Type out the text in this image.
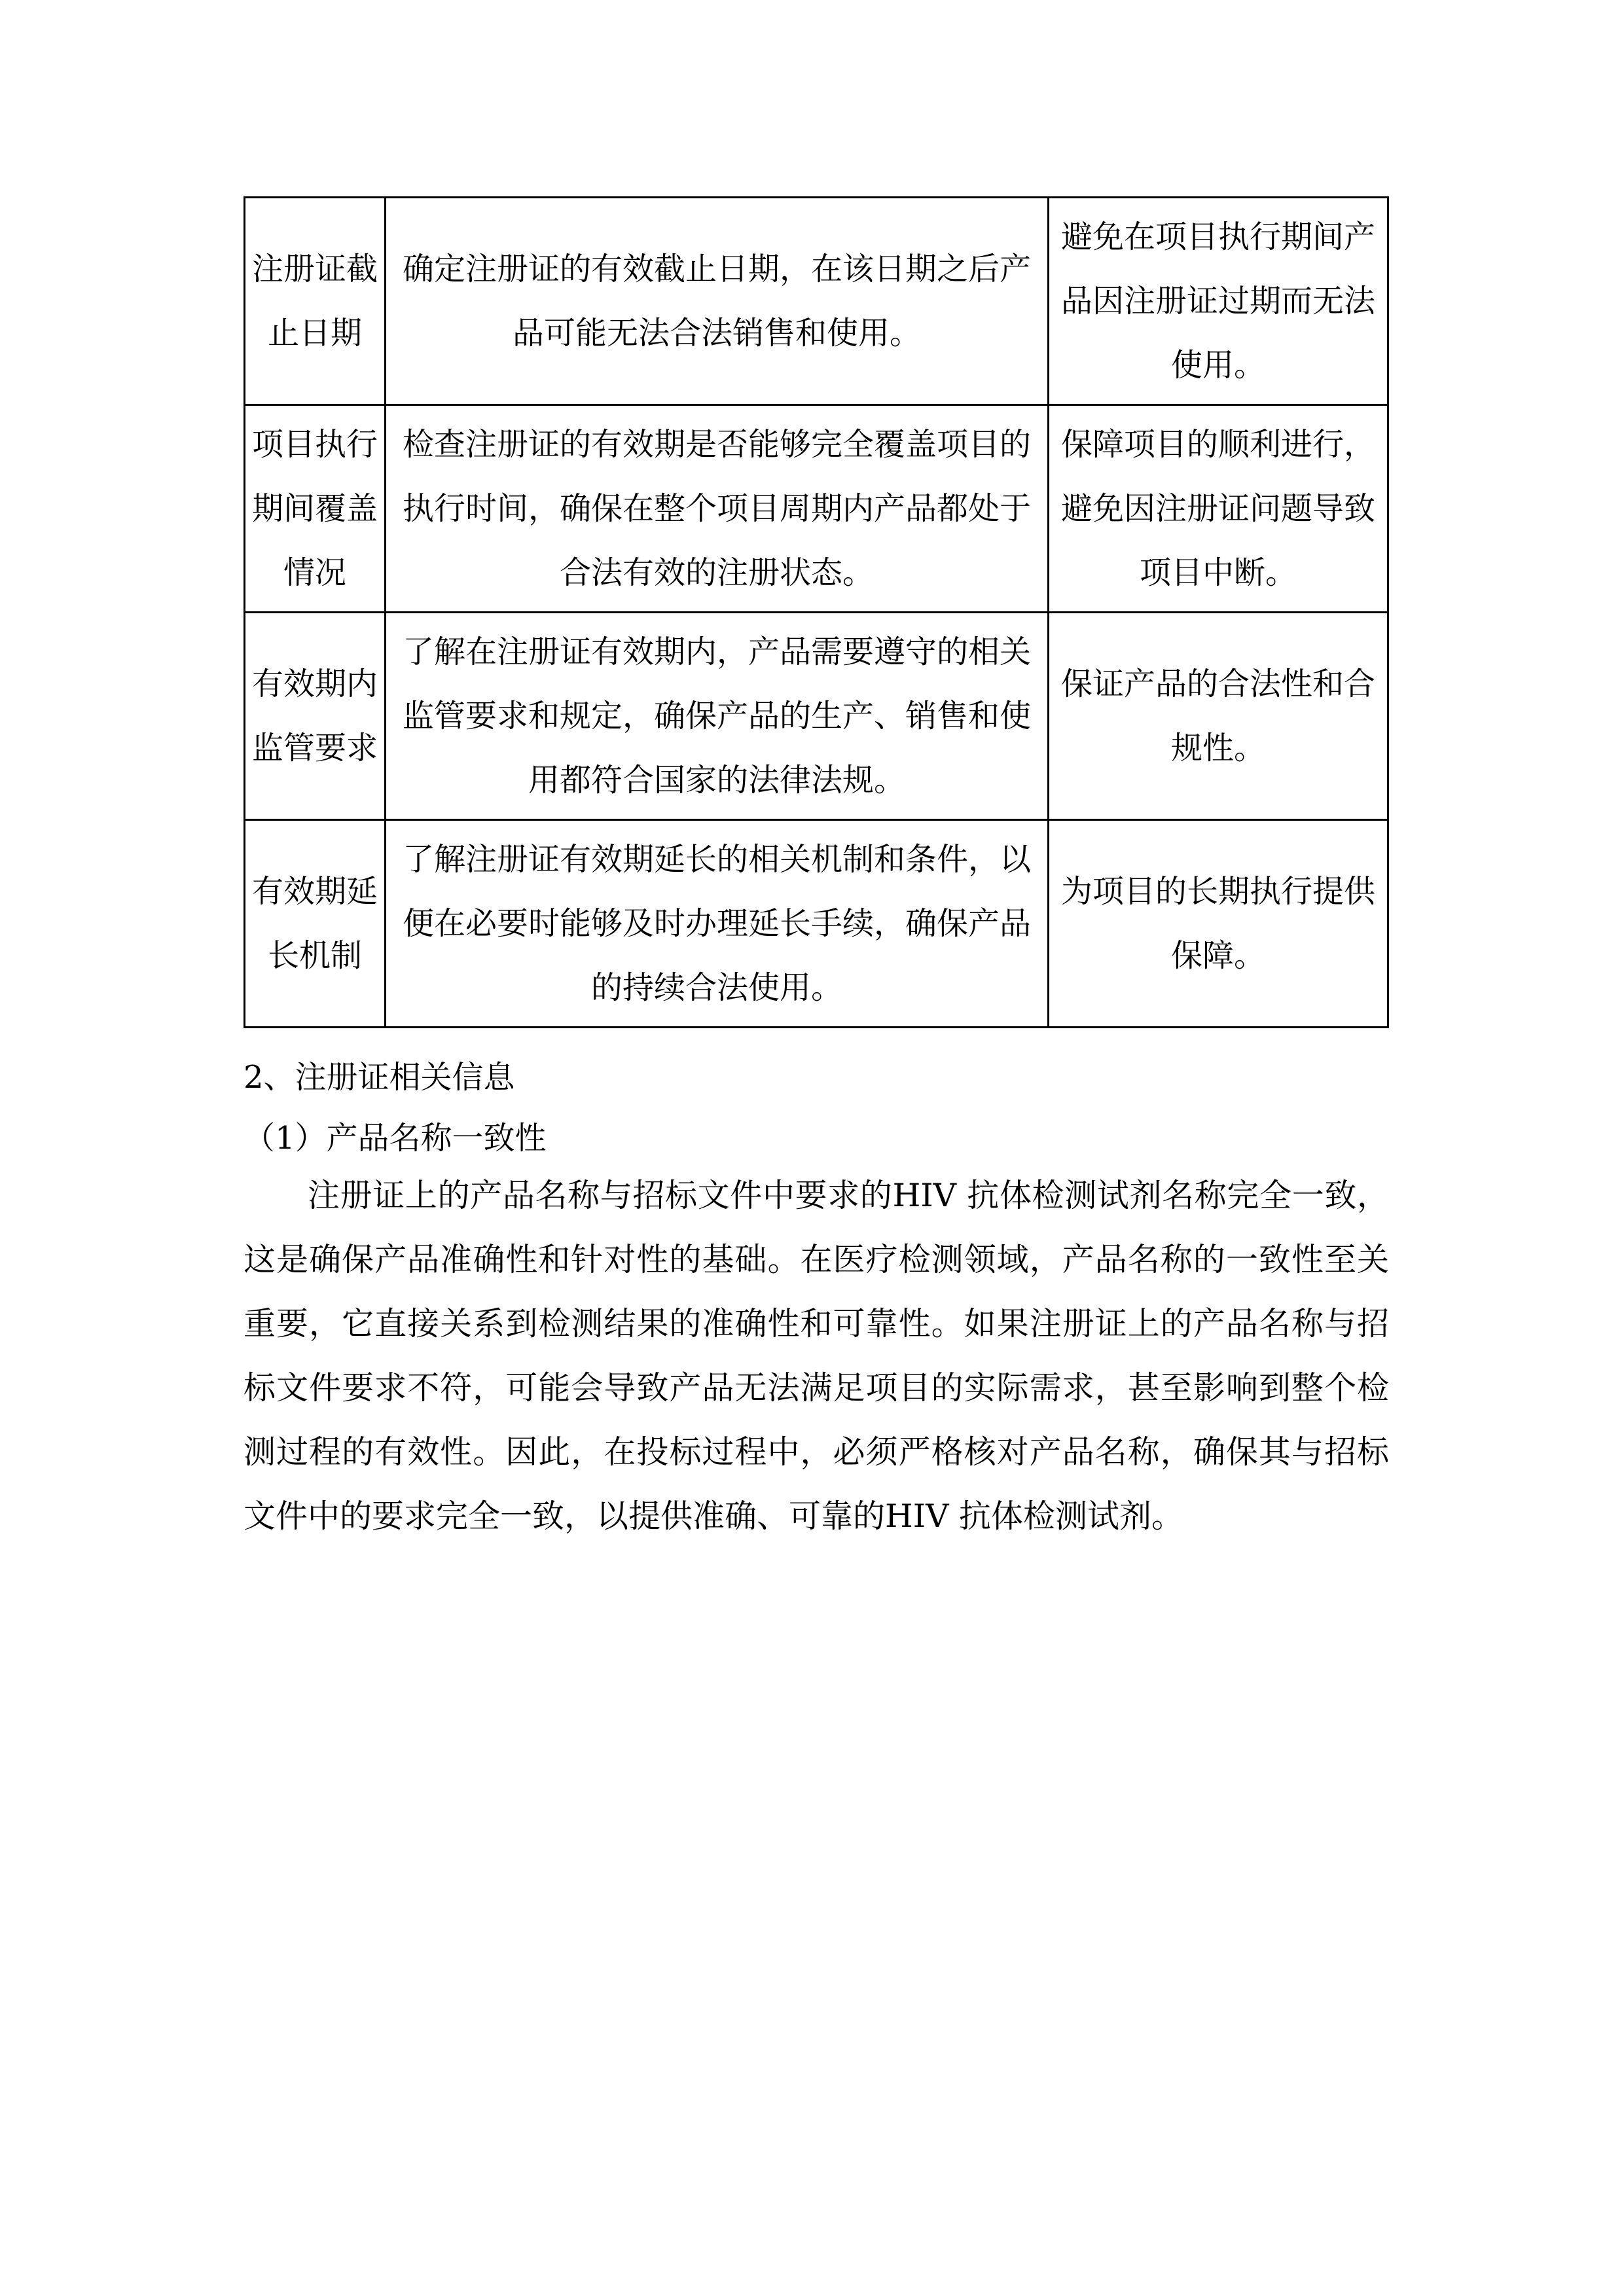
注册证截止日期	确定注册证的有效截止日期，在该日期之后产品可能无法合法销售和使用。	避免在项目执行期间产品因注册证过期而无法使用。
项目执行期间覆盖情况	检查注册证的有效期是否能够完全覆盖项目的执行时间，确保在整个项目周期内产品都处于合法有效的注册状态。	保障项目的顺利进行，避免因注册证问题导致项目中断。
有效期内监管要求	了解在注册证有效期内，产品需要遵守的相关监管要求和规定，确保产品的生产、销售和使用都符合国家的法律法规。	保证产品的合法性和合规性。
有效期延长机制	了解注册证有效期延长的相关机制和条件，以便在必要时能够及时办理延长手续，确保产品的持续合法使用。	为项目的长期执行提供保障。
2、注册证相关信息
（1）产品名称一致性
注册证上的产品名称与招标文件中要求的HIV 抗体检测试剂名称完全一致，这是确保产品准确性和针对性的基础。在医疗检测领域，产品名称的一致性至关重要，它直接关系到检测结果的准确性和可靠性。如果注册证上的产品名称与招标文件要求不符，可能会导致产品无法满足项目的实际需求，甚至影响到整个检测过程的有效性。因此，在投标过程中，必须严格核对产品名称，确保其与招标文件中的要求完全一致，以提供准确、可靠的HIV 抗体检测试剂。
